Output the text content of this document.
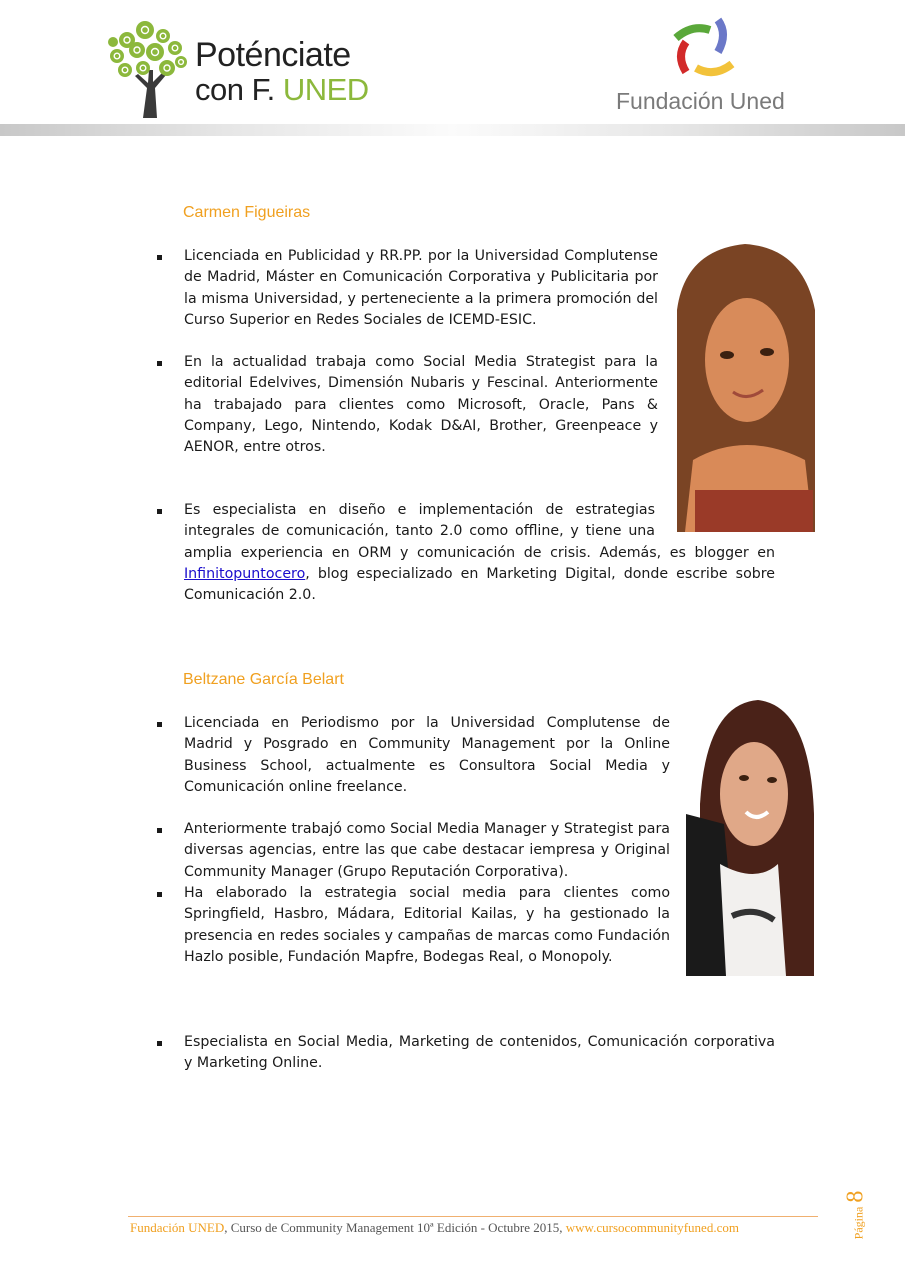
Poténciate
con F. UNED	Fundación Uned
Carmen Figueiras
Licenciada en Publicidad y RR.PP. por la Universidad Complutense de Madrid, Máster en Comunicación Corporativa y Publicitaria por la misma Universidad, y perteneciente a la primera promoción del Curso Superior en Redes Sociales de ICEMD-ESIC.
En la actualidad trabaja como Social Media Strategist para la editorial Edelvives, Dimensión Nubaris y Fescinal. Anteriormente ha trabajado para clientes como Microsoft, Oracle, Pans & Company, Lego, Nintendo, Kodak D&AI, Brother, Greenpeace y AENOR, entre otros.
Es especialista en diseño e implementación de estrategias integrales de comunicación, tanto 2.0 como offline, y tiene una amplia experiencia en ORM y comunicación de crisis. Además, es blogger en Infinitopuntocero, blog especializado en Marketing Digital, donde escribe sobre Comunicación 2.0.
Beltzane García Belart
Licenciada en Periodismo por la Universidad Complutense de Madrid y Posgrado en Community Management por la Online Business School, actualmente es Consultora Social Media y Comunicación online freelance.
Anteriormente trabajó como Social Media Manager y Strategist para diversas agencias, entre las que cabe destacar iempresa y Original Community Manager (Grupo Reputación Corporativa).
Ha elaborado la estrategia social media para clientes como Springfield, Hasbro, Mádara, Editorial Kailas, y ha gestionado la presencia en redes sociales y campañas de marcas como Fundación Hazlo posible, Fundación Mapfre, Bodegas Real, o Monopoly.
Especialista en Social Media, Marketing de contenidos, Comunicación corporativa y Marketing Online.
Fundación UNED, Curso de Community Management 10ª Edición - Octubre 2015, www.cursocommunityfuned.com	Página8
